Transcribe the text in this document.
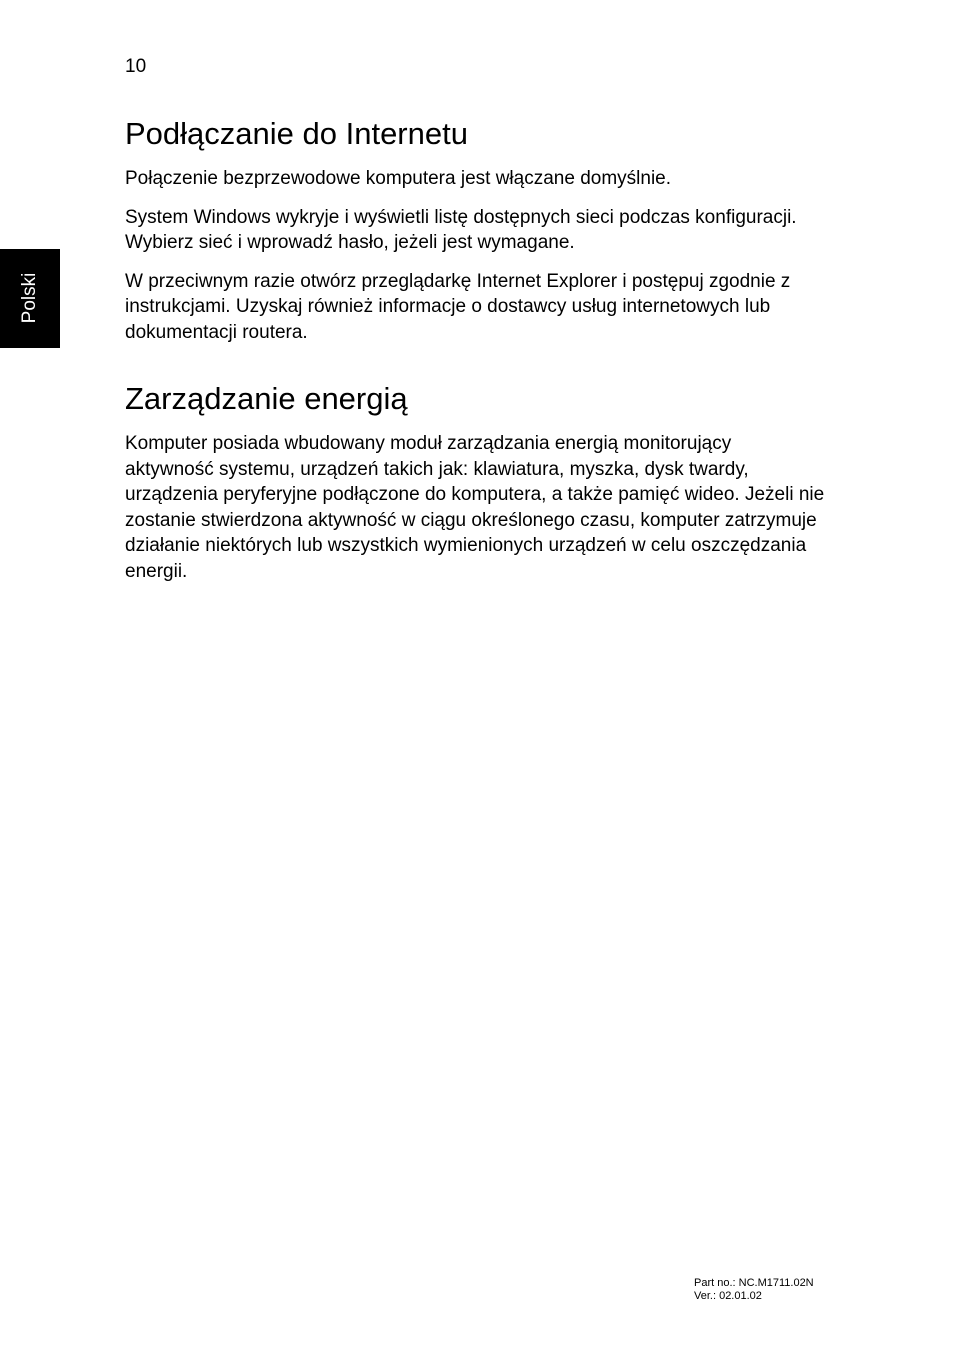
10
Polski
Podłączanie do Internetu

Połączenie bezprzewodowe komputera jest włączane domyślnie.

System Windows wykryje i wyświetli listę dostępnych sieci podczas konfiguracji. Wybierz sieć i wprowadź hasło, jeżeli jest wymagane.

W przeciwnym razie otwórz przeglądarkę Internet Explorer i postępuj zgodnie z instrukcjami. Uzyskaj również informacje o dostawcy usług internetowych lub dokumentacji routera.

Zarządzanie energią

Komputer posiada wbudowany moduł zarządzania energią monitorujący aktywność systemu, urządzeń takich jak: klawiatura, myszka, dysk twardy, urządzenia peryferyjne podłączone do komputera, a także pamięć wideo. Jeżeli nie zostanie stwierdzona aktywność w ciągu określonego czasu, komputer zatrzymuje działanie niektórych lub wszystkich wymienionych urządzeń w celu oszczędzania energii.

Part no.: NC.M1711.02N
Ver.: 02.01.02
